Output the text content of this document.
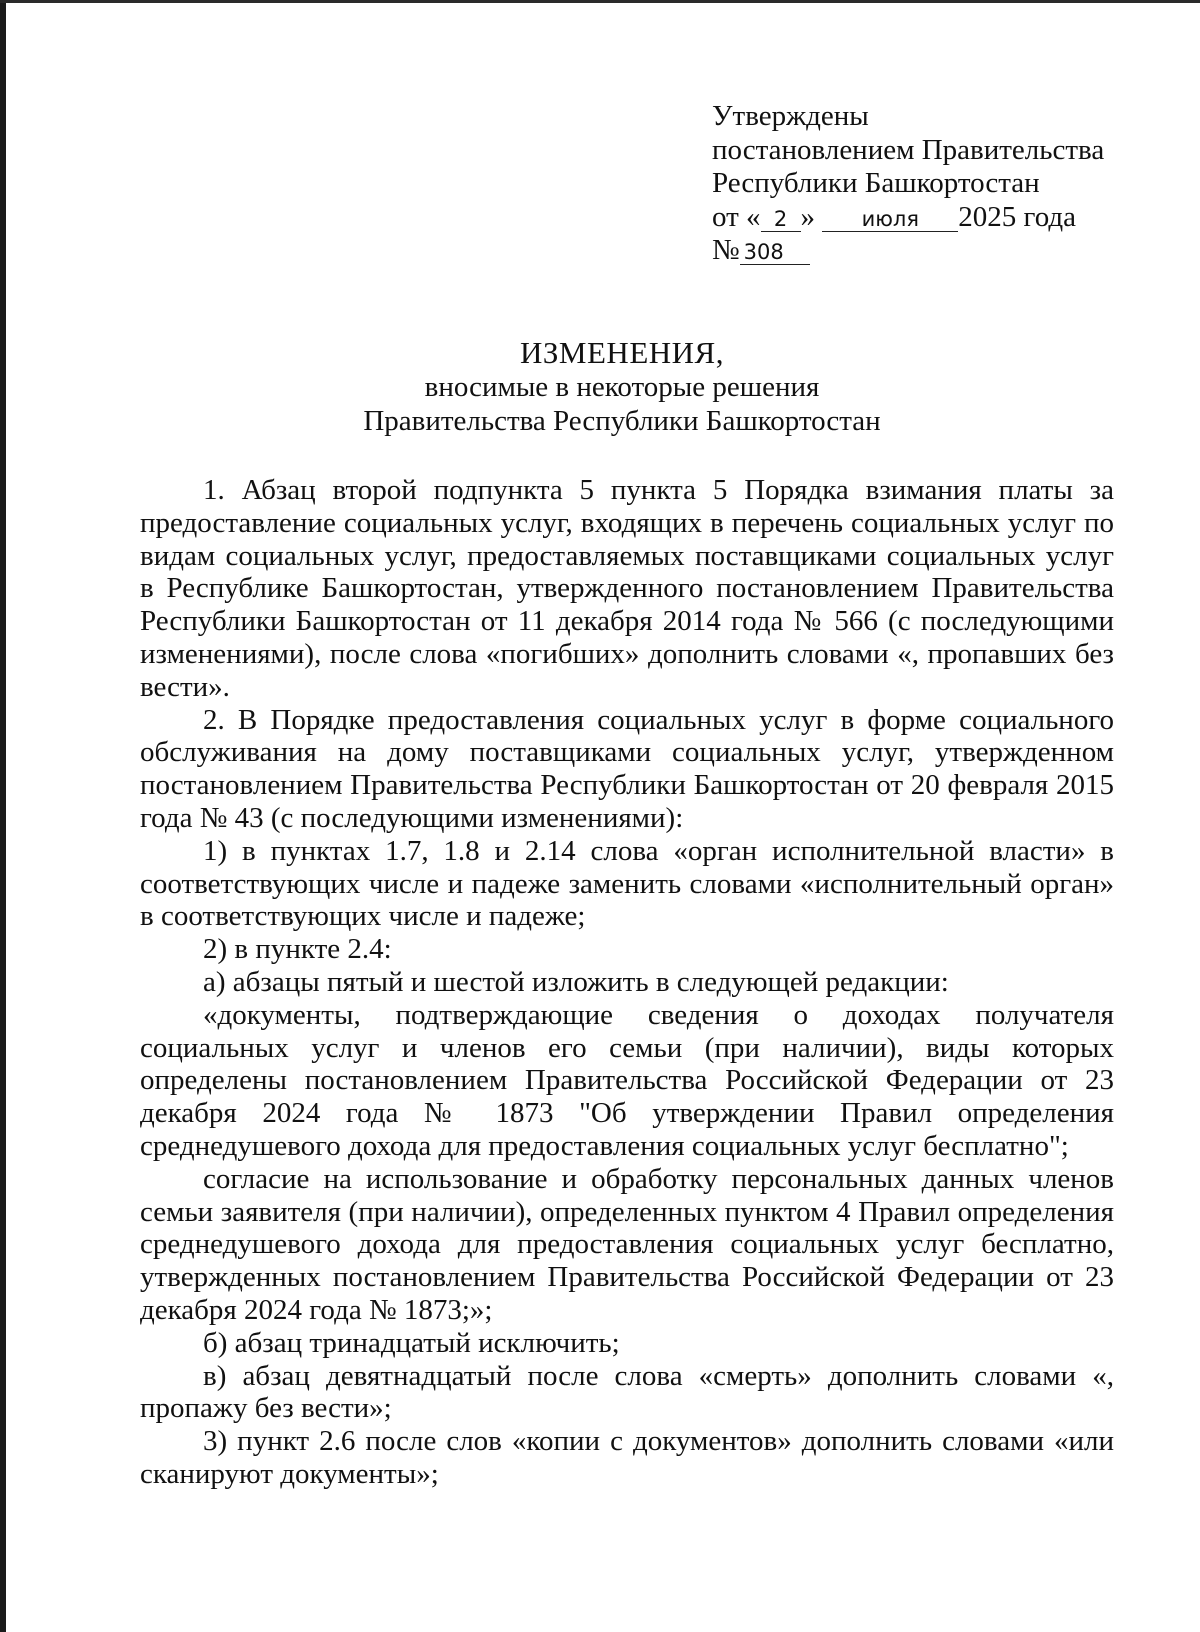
Утверждены
постановлением Правительства
Республики Башкортостан
от « 2 » июля 2025 года
№ 308
ИЗМЕНЕНИЯ,
вносимые в некоторые решения
Правительства Республики Башкортостан

1. Абзац второй подпункта 5 пункта 5 Порядка взимания платы за предоставление социальных услуг, входящих в перечень социальных услуг по видам социальных услуг, предоставляемых поставщиками социальных услуг в Республике Башкортостан, утвержденного постановлением Правительства Республики Башкортостан от 11 декабря 2014 года № 566 (с последующими изменениями), после слова «погибших» дополнить словами «, пропавших без вести».

2. В Порядке предоставления социальных услуг в форме социального обслуживания на дому поставщиками социальных услуг, утвержденном постановлением Правительства Республики Башкортостан от 20 февраля 2015 года № 43 (с последующими изменениями):

1) в пунктах 1.7, 1.8 и 2.14 слова «орган исполнительной власти» в соответствующих числе и падеже заменить словами «исполнительный орган» в соответствующих числе и падеже;

2) в пункте 2.4:

а) абзацы пятый и шестой изложить в следующей редакции:

«документы, подтверждающие сведения о доходах получателя социальных услуг и членов его семьи (при наличии), виды которых определены постановлением Правительства Российской Федерации от 23 декабря 2024 года № 1873 "Об утверждении Правил определения среднедушевого дохода для предоставления социальных услуг бесплатно";

согласие на использование и обработку персональных данных членов семьи заявителя (при наличии), определенных пунктом 4 Правил определения среднедушевого дохода для предоставления социальных услуг бесплатно, утвержденных постановлением Правительства Российской Федерации от 23 декабря 2024 года № 1873;»;

б) абзац тринадцатый исключить;

в) абзац девятнадцатый после слова «смерть» дополнить словами «, пропажу без вести»;

3) пункт 2.6 после слов «копии с документов» дополнить словами «или сканируют документы»;
